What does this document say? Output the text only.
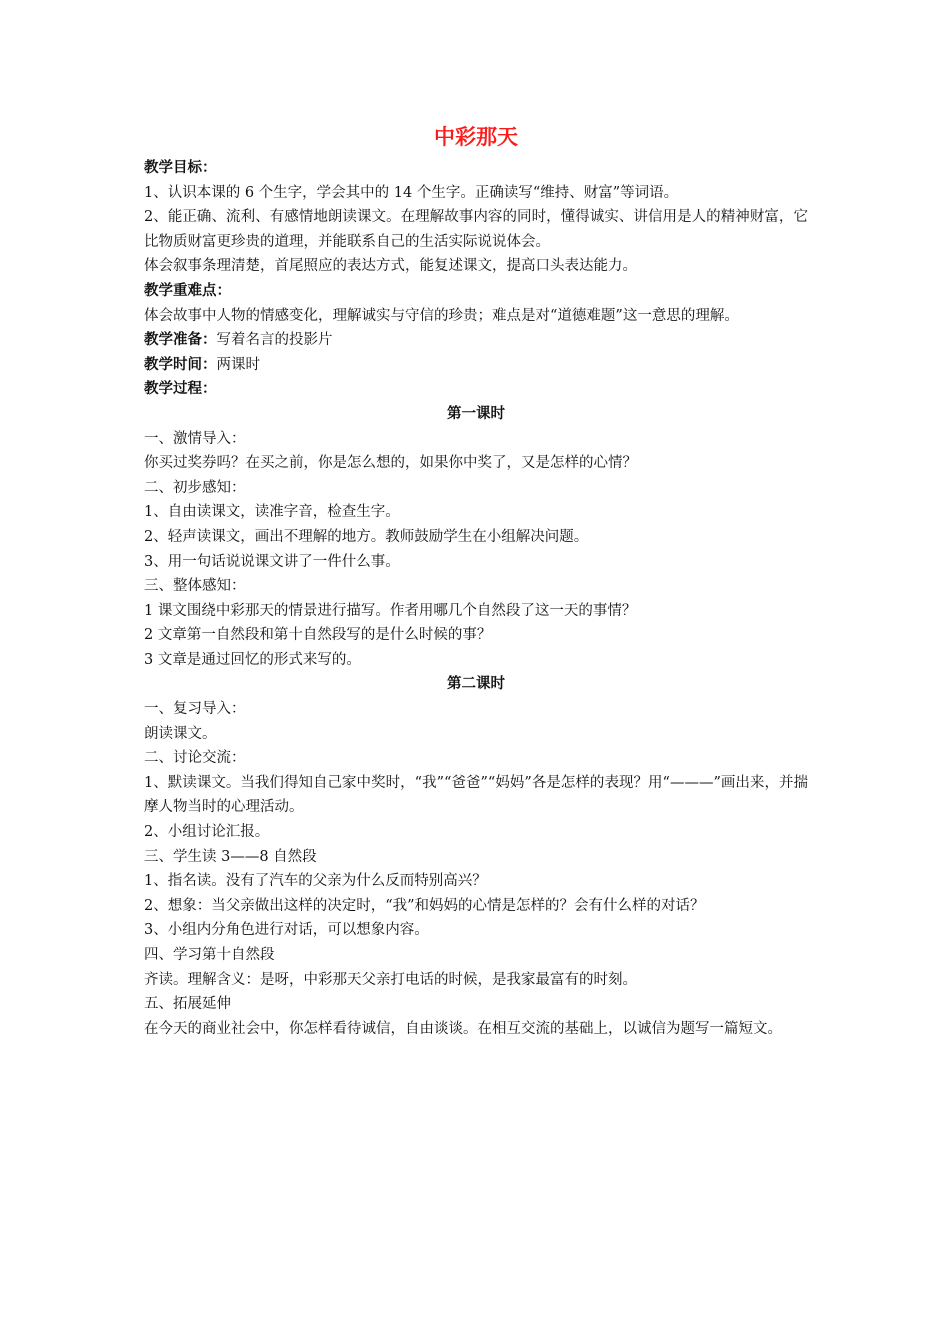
中彩那天
教学目标：
1、认识本课的 6 个生字，学会其中的 14 个生字。正确读写“维持、财富”等词语。
2、能正确、流利、有感情地朗读课文。在理解故事内容的同时，懂得诚实、讲信用是人的精神财富，它比物质财富更珍贵的道理，并能联系自己的生活实际说说体会。
体会叙事条理清楚，首尾照应的表达方式，能复述课文，提高口头表达能力。
教学重难点：
体会故事中人物的情感变化，理解诚实与守信的珍贵；难点是对“道德难题”这一意思的理解。
教学准备：写着名言的投影片
教学时间：两课时
教学过程：
第一课时
一、激情导入：
你买过奖券吗？在买之前，你是怎么想的，如果你中奖了，又是怎样的心情？
二、初步感知：
1、自由读课文，读准字音，检查生字。
2、轻声读课文，画出不理解的地方。教师鼓励学生在小组解决问题。
3、用一句话说说课文讲了一件什么事。
三、整体感知：
1 课文围绕中彩那天的情景进行描写。作者用哪几个自然段了这一天的事情？
2 文章第一自然段和第十自然段写的是什么时候的事？
3 文章是通过回忆的形式来写的。
第二课时
一、复习导入：
朗读课文。
二、讨论交流：
1、默读课文。当我们得知自己家中奖时，“我”“爸爸”“妈妈”各是怎样的表现？用“———”画出来，并揣摩人物当时的心理活动。
2、小组讨论汇报。
三、学生读 3——8 自然段
1、指名读。没有了汽车的父亲为什么反而特别高兴？
2、想象：当父亲做出这样的决定时，“我”和妈妈的心情是怎样的？会有什么样的对话？
3、小组内分角色进行对话，可以想象内容。
四、学习第十自然段
齐读。理解含义：是呀，中彩那天父亲打电话的时候，是我家最富有的时刻。
五、拓展延伸
在今天的商业社会中，你怎样看待诚信，自由谈谈。在相互交流的基础上，以诚信为题写一篇短文。
